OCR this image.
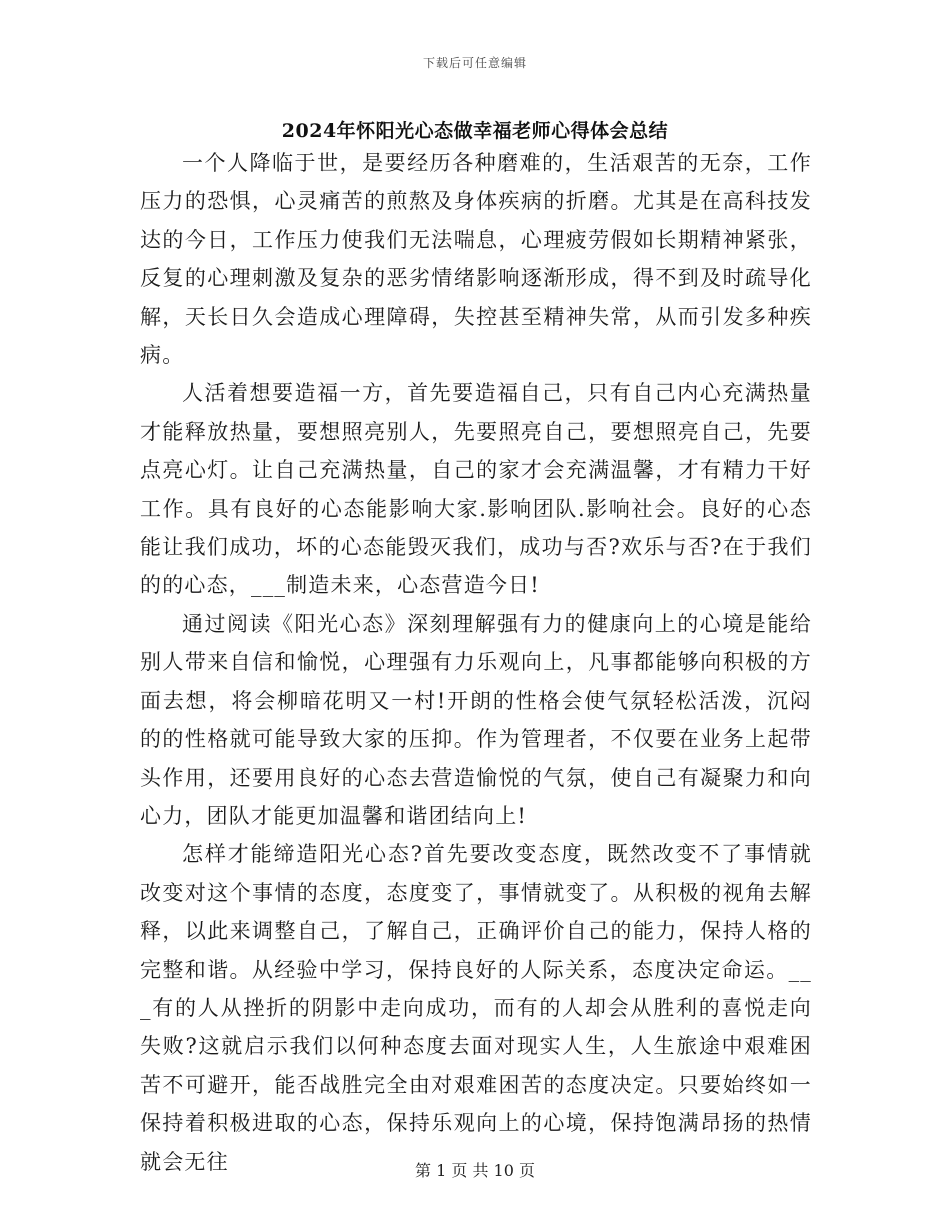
下载后可任意编辑
2024年怀阳光心态做幸福老师心得体会总结

一个人降临于世，是要经历各种磨难的，生活艰苦的无奈，工作压力的恐惧，心灵痛苦的煎熬及身体疾病的折磨。尤其是在高科技发达的今日，工作压力使我们无法喘息，心理疲劳假如长期精神紧张，反复的心理刺激及复杂的恶劣情绪影响逐渐形成，得不到及时疏导化解，天长日久会造成心理障碍，失控甚至精神失常，从而引发多种疾病。

人活着想要造福一方，首先要造福自己，只有自己内心充满热量才能释放热量，要想照亮别人，先要照亮自己，要想照亮自己，先要点亮心灯。让自己充满热量，自己的家才会充满温馨，才有精力干好工作。具有良好的心态能影响大家.影响团队.影响社会。良好的心态能让我们成功，坏的心态能毁灭我们，成功与否?欢乐与否?在于我们的的心态，___制造未来，心态营造今日!

通过阅读《阳光心态》深刻理解强有力的健康向上的心境是能给别人带来自信和愉悦，心理强有力乐观向上，凡事都能够向积极的方面去想，将会柳暗花明又一村!开朗的性格会使气氛轻松活泼，沉闷的的性格就可能导致大家的压抑。作为管理者，不仅要在业务上起带头作用，还要用良好的心态去营造愉悦的气氛，使自己有凝聚力和向心力，团队才能更加温馨和谐团结向上!

怎样才能缔造阳光心态?首先要改变态度，既然改变不了事情就改变对这个事情的态度，态度变了，事情就变了。从积极的视角去解释，以此来调整自己，了解自己，正确评价自己的能力，保持人格的完整和谐。从经验中学习，保持良好的人际关系，态度决定命运。___有的人从挫折的阴影中走向成功，而有的人却会从胜利的喜悦走向失败?这就启示我们以何种态度去面对现实人生，人生旅途中艰难困苦不可避开，能否战胜完全由对艰难困苦的态度决定。只要始终如一保持着积极进取的心态，保持乐观向上的心境，保持饱满昂扬的热情就会无往	第 1 页 共 10 页
